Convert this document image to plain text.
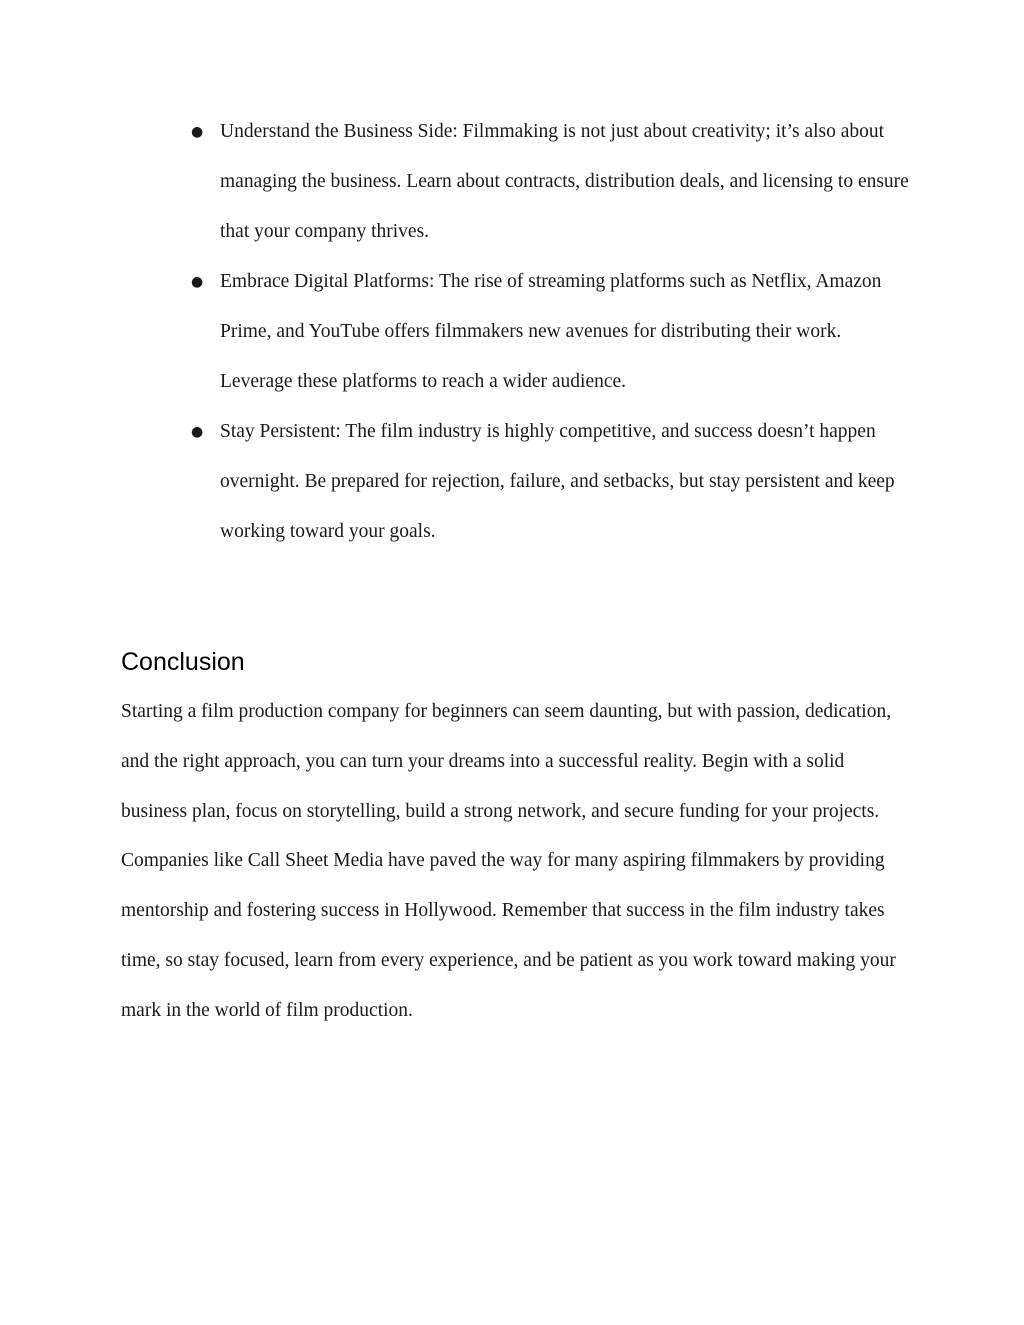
● Understand the Business Side: Filmmaking is not just about creativity; it’s also about managing the business. Learn about contracts, distribution deals, and licensing to ensure that your company thrives.
● Embrace Digital Platforms: The rise of streaming platforms such as Netflix, Amazon Prime, and YouTube offers filmmakers new avenues for distributing their work. Leverage these platforms to reach a wider audience.
● Stay Persistent: The film industry is highly competitive, and success doesn’t happen overnight. Be prepared for rejection, failure, and setbacks, but stay persistent and keep working toward your goals.
Conclusion

Starting a film production company for beginners can seem daunting, but with passion, dedication, and the right approach, you can turn your dreams into a successful reality. Begin with a solid business plan, focus on storytelling, build a strong network, and secure funding for your projects. Companies like Call Sheet Media have paved the way for many aspiring filmmakers by providing mentorship and fostering success in Hollywood. Remember that success in the film industry takes time, so stay focused, learn from every experience, and be patient as you work toward making your mark in the world of film production.
